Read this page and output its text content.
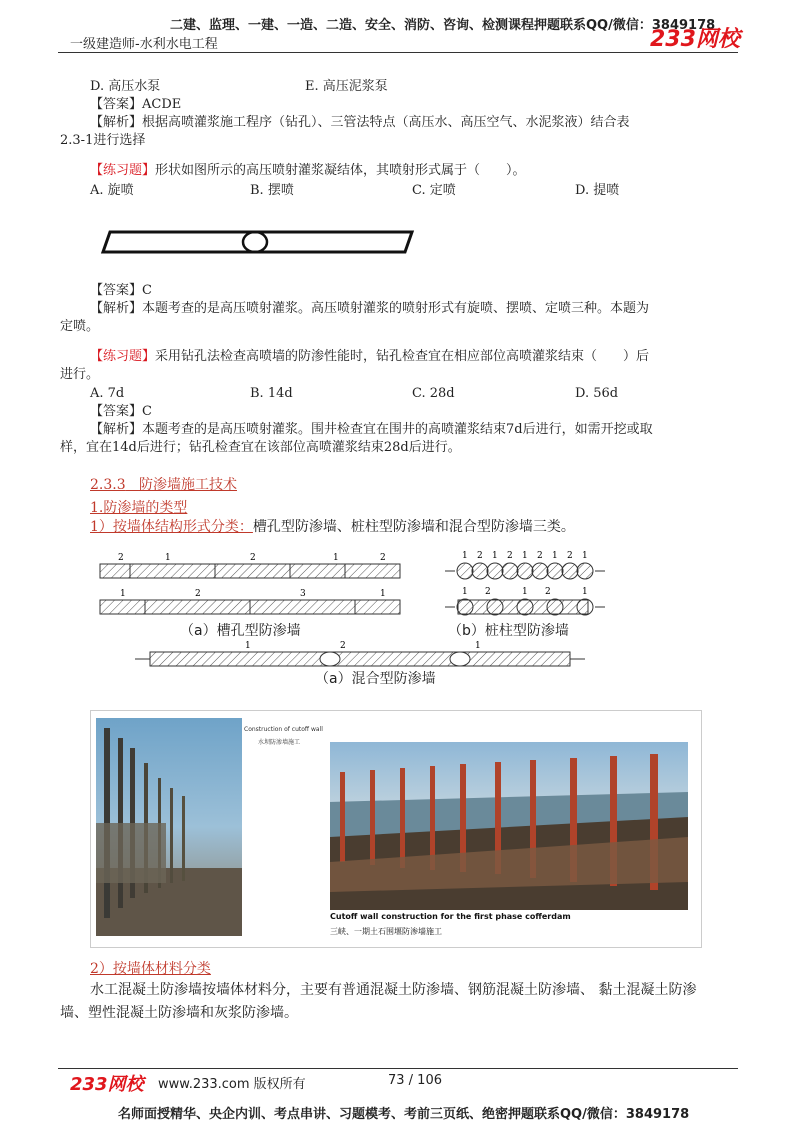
二建、监理、一建、一造、二造、安全、消防、咨询、检测课程押题联系QQ/微信：3849178
一级建造师-水利水电工程	233网校
D. 高压水泵	E. 高压泥浆泵
【答案】ACDE
【解析】根据高喷灌浆施工程序（钻孔）、三管法特点（高压水、高压空气、水泥浆液）结合表
2.3-1进行选择
【练习题】形状如图所示的高压喷射灌浆凝结体，其喷射形式属于（　　）。
A. 旋喷	B. 摆喷	C. 定喷	D. 提喷
【答案】C
【解析】本题考查的是高压喷射灌浆。高压喷射灌浆的喷射形式有旋喷、摆喷、定喷三种。本题为
定喷。
【练习题】采用钻孔法检查高喷墙的防渗性能时，钻孔检查宜在相应部位高喷灌浆结束（　　）后
进行。
A. 7d	B. 14d	C. 28d	D. 56d
【答案】C
【解析】本题考查的是高压喷射灌浆。围井检查宜在围井的高喷灌浆结束7d后进行，如需开挖或取
样，宜在14d后进行；钻孔检查宜在该部位高喷灌浆结束28d后进行。
2.3.3 防渗墙施工技术
1.防渗墙的类型
1）按墙体结构形式分类：槽孔型防渗墙、桩柱型防渗墙和混合型防渗墙三类。
2	1	2	1	2
1	2	3	1
1 2 1 2 1 2 1 2 1
1 2	1 2	1
1	2	1
（a）槽孔型防渗墙	（b）桩柱型防渗墙
（a）混合型防渗墙
Construction of cutoff wall
水坝防渗墙施工
Cutoff wall construction for the first phase cofferdam
三峡、一期土石围堰防渗墙施工
2）按墙体材料分类
水工混凝土防渗墙按墙体材料分，主要有普通混凝土防渗墙、钢筋混凝土防渗墙、 黏土混凝土防渗
墙、塑性混凝土防渗墙和灰浆防渗墙。
233网校 www.233.com 版权所有	73 / 106
名师面授精华、央企内训、考点串讲、习题模考、考前三页纸、绝密押题联系QQ/微信：3849178
